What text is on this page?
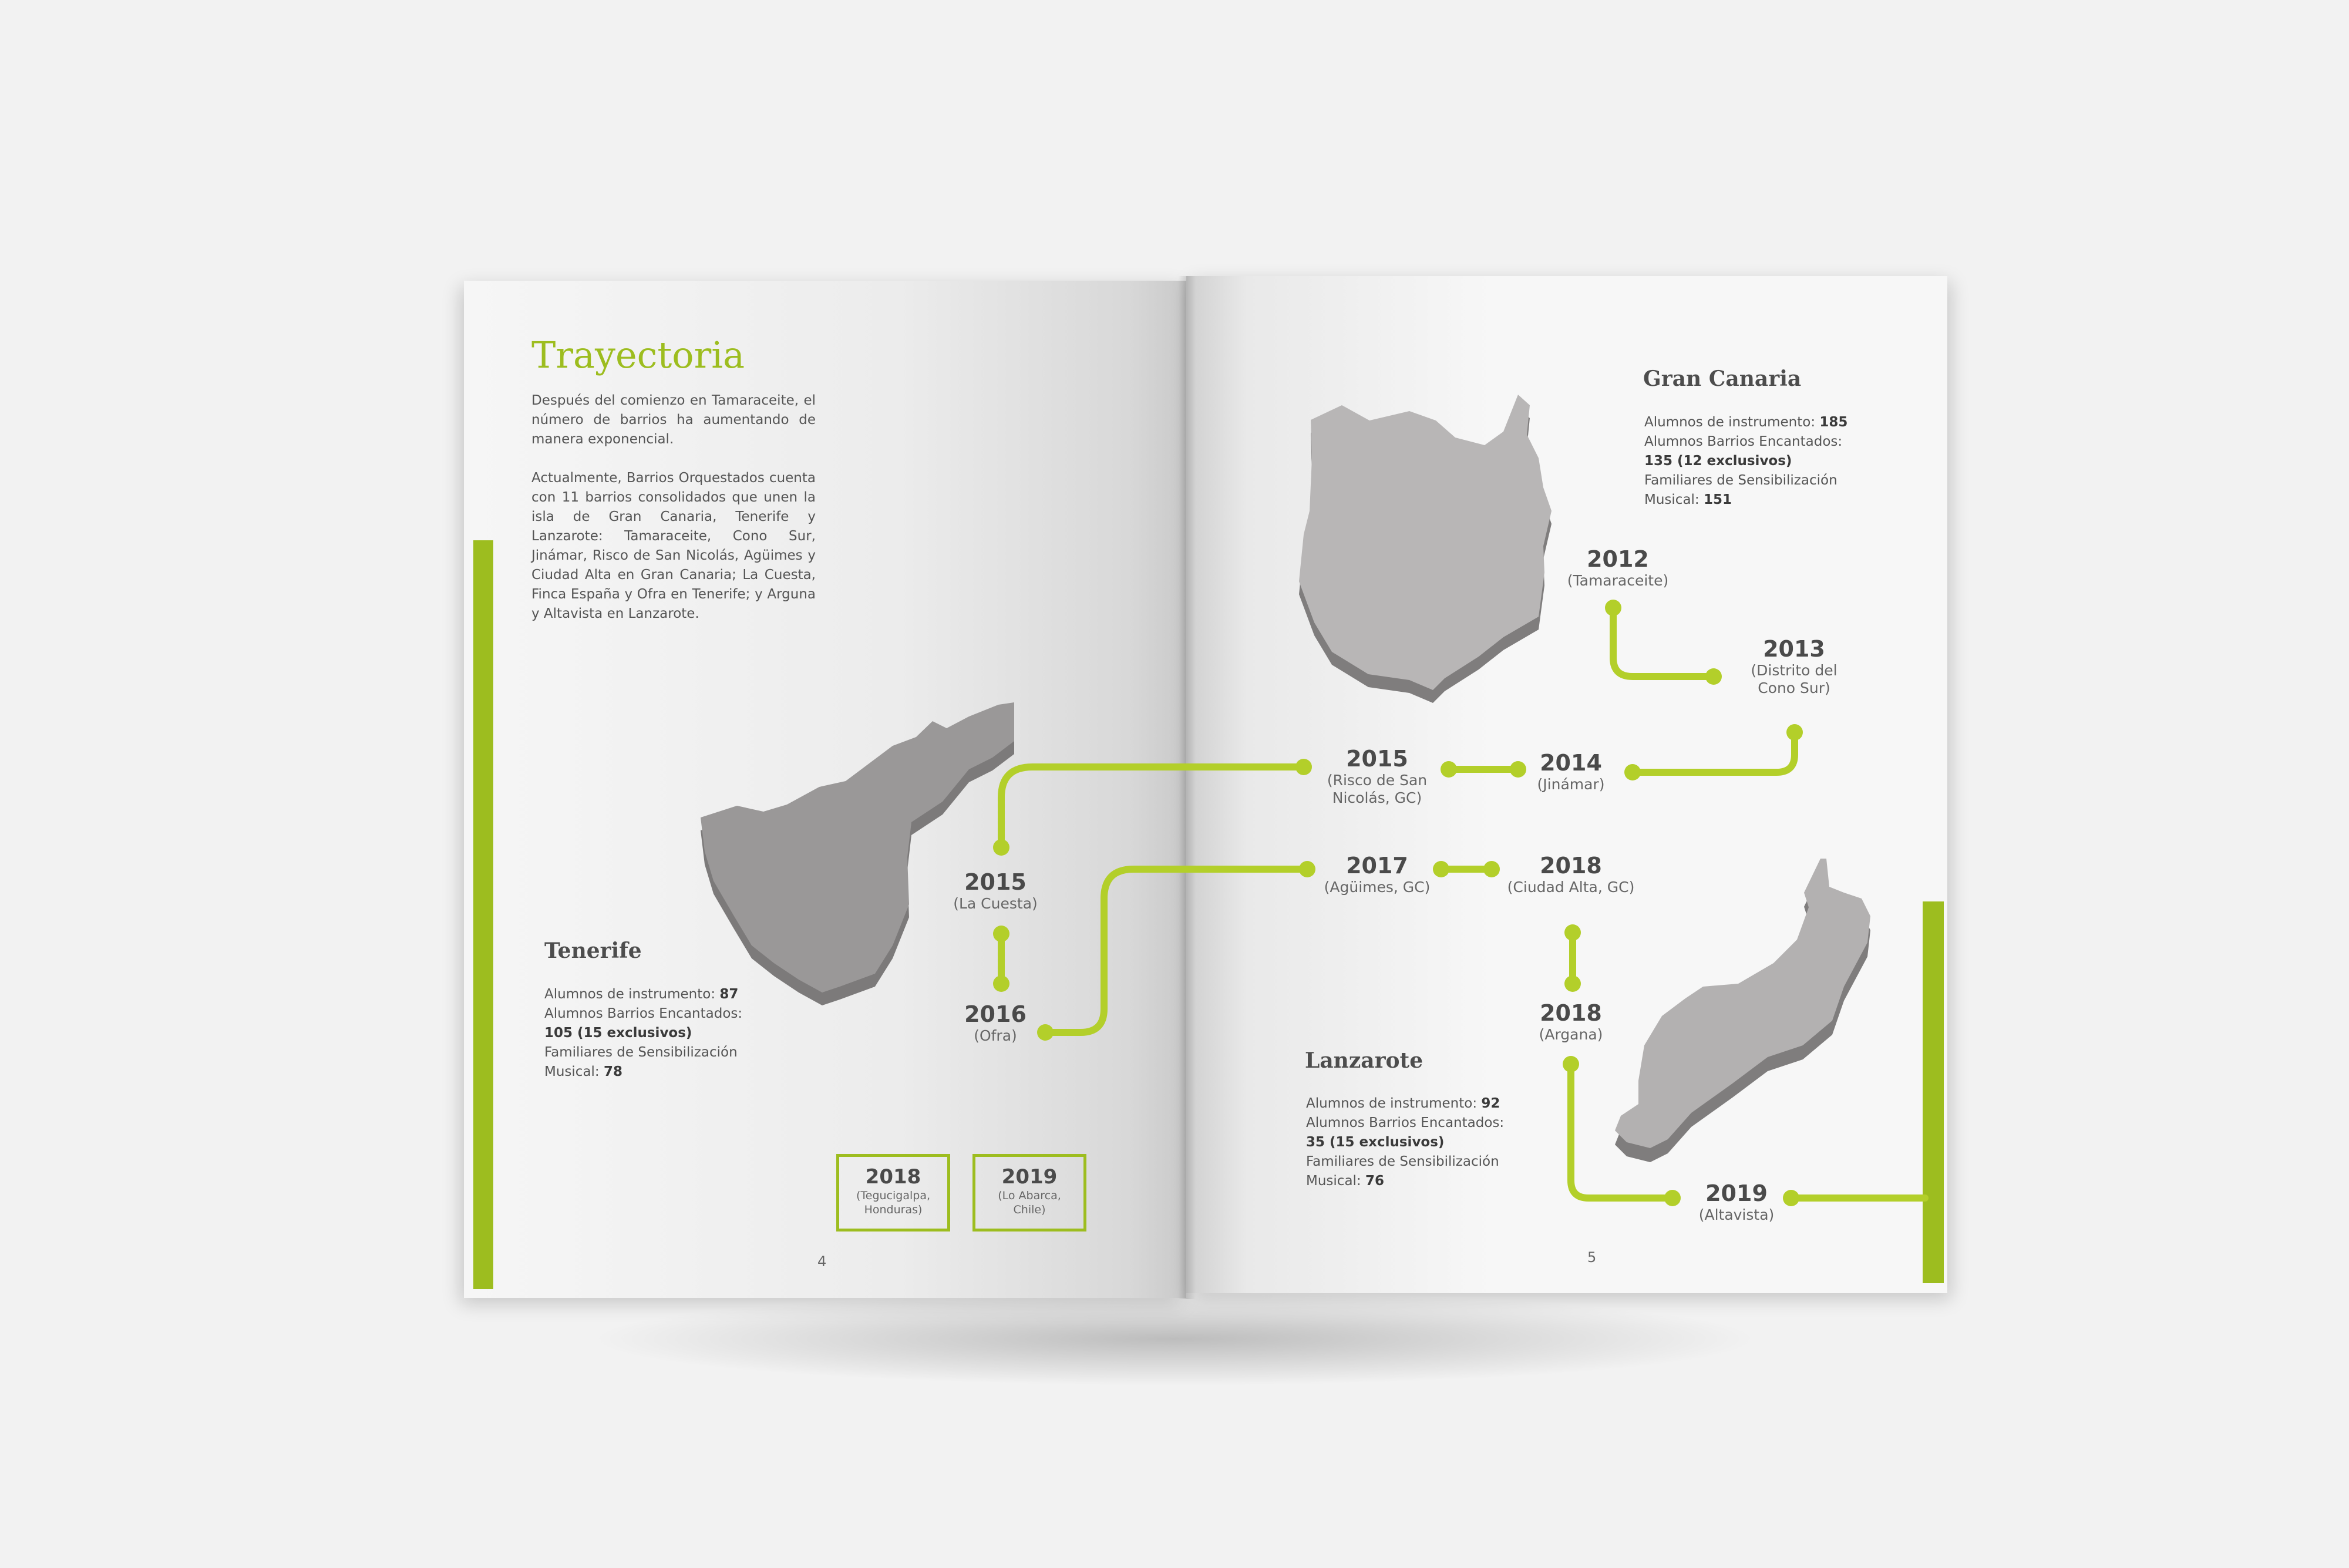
Trayectoria

Después del comienzo en Tamaraceite, el número de barrios ha aumentando de manera exponencial.

Actualmente, Barrios Orquestados cuenta con 11 barrios consolidados que unen la isla de Gran Canaria, Tenerife y Lanzarote: Tamaraceite, Cono Sur, Jinámar, Risco de San Nicolás, Agüimes y Ciudad Alta en Gran Canaria; La Cuesta, Finca España y Ofra en Tenerife; y Arguna y Altavista en Lanzarote.

Tenerife
Alumnos de instrumento: 87
Alumnos Barrios Encantados:
105 (15 exclusivos)
Familiares de Sensibilización
Musical: 78
Gran Canaria
Alumnos de instrumento: 185
Alumnos Barrios Encantados:
135 (12 exclusivos)
Familiares de Sensibilización
Musical: 151
Lanzarote
Alumnos de instrumento: 92
Alumnos Barrios Encantados:
35 (15 exclusivos)
Familiares de Sensibilización
Musical: 76
2012
(Tamaraceite)
2013
(Distrito del
Cono Sur)
2014
(Jinámar)
2015
(Risco de San
Nicolás, GC)
2015
(La Cuesta)
2016
(Ofra)
2017
(Agüimes, GC)
2018
(Ciudad Alta, GC)
2018
(Argana)
2019
(Altavista)
2018
(Tegucigalpa,
Honduras)
2019
(Lo Abarca,
Chile)
4	5
